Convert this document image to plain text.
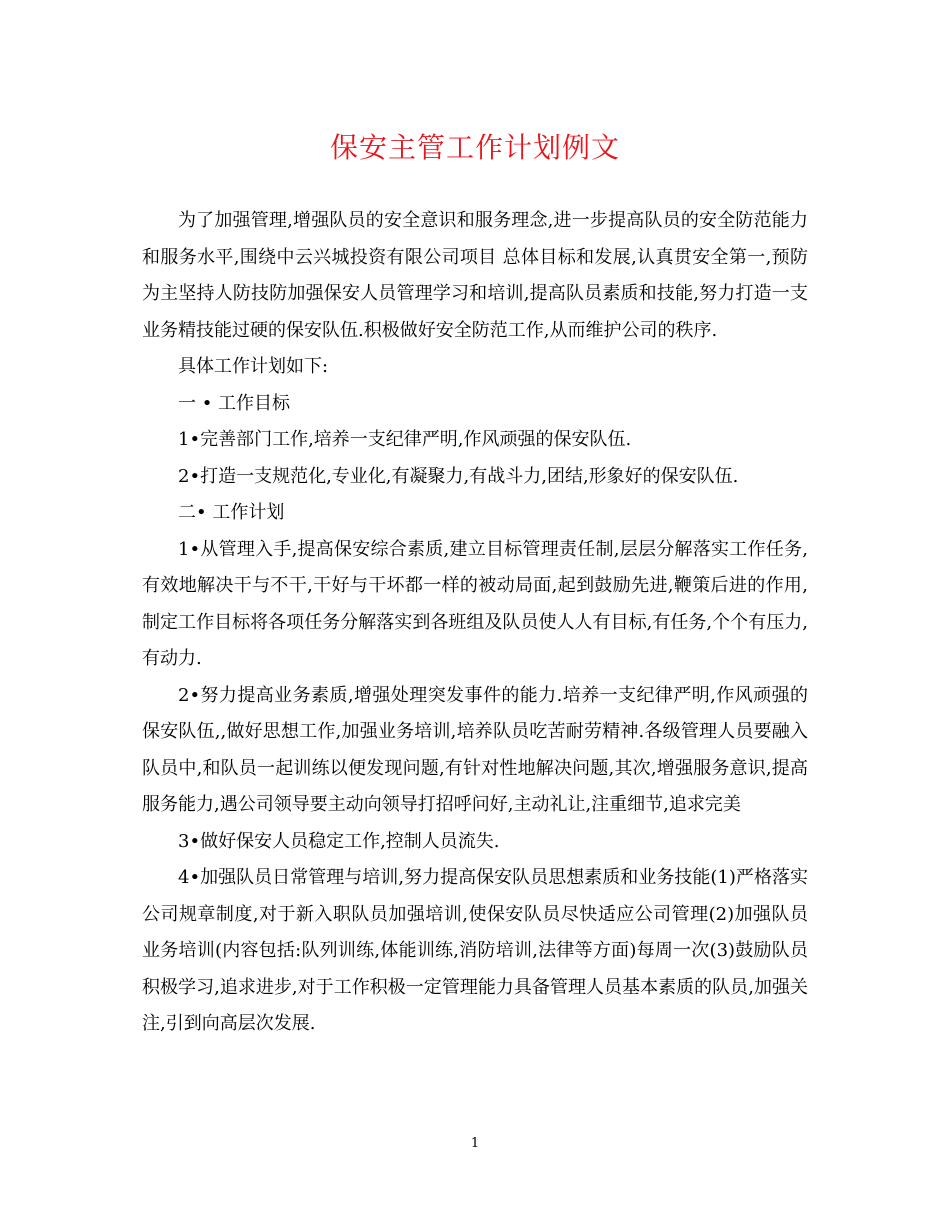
保安主管工作计划例文

为了加强管理,增强队员的安全意识和服务理念,进一步提高队员的安全防范能力和服务水平,围绕中云兴城投资有限公司项目 总体目标和发展,认真贯安全第一,预防为主坚持人防技防加强保安人员管理学习和培训,提高队员素质和技能,努力打造一支业务精技能过硬的保安队伍.积极做好安全防范工作,从而维护公司的秩序.

具体工作计划如下:

一 • 工作目标

1•完善部门工作,培养一支纪律严明,作风顽强的保安队伍.

2•打造一支规范化,专业化,有凝聚力,有战斗力,团结,形象好的保安队伍.

二• 工作计划

1•从管理入手,提高保安综合素质,建立目标管理责任制,层层分解落实工作任务,有效地解决干与不干,干好与干坏都一样的被动局面,起到鼓励先进,鞭策后进的作用,制定工作目标将各项任务分解落实到各班组及队员使人人有目标,有任务,个个有压力,有动力.

2•努力提高业务素质,增强处理突发事件的能力.培养一支纪律严明,作风顽强的保安队伍,,做好思想工作,加强业务培训,培养队员吃苦耐劳精神.各级管理人员要融入队员中,和队员一起训练以便发现问题,有针对性地解决问题,其次,增强服务意识,提高服务能力,遇公司领导要主动向领导打招呼问好,主动礼让,注重细节,追求完美

3•做好保安人员稳定工作,控制人员流失.

4•加强队员日常管理与培训,努力提高保安队员思想素质和业务技能(1)严格落实公司规章制度,对于新入职队员加强培训,使保安队员尽快适应公司管理(2)加强队员业务培训(内容包括:队列训练,体能训练,消防培训,法律等方面)每周一次(3)鼓励队员积极学习,追求进步,对于工作积极一定管理能力具备管理人员基本素质的队员,加强关注,引到向高层次发展.

1
